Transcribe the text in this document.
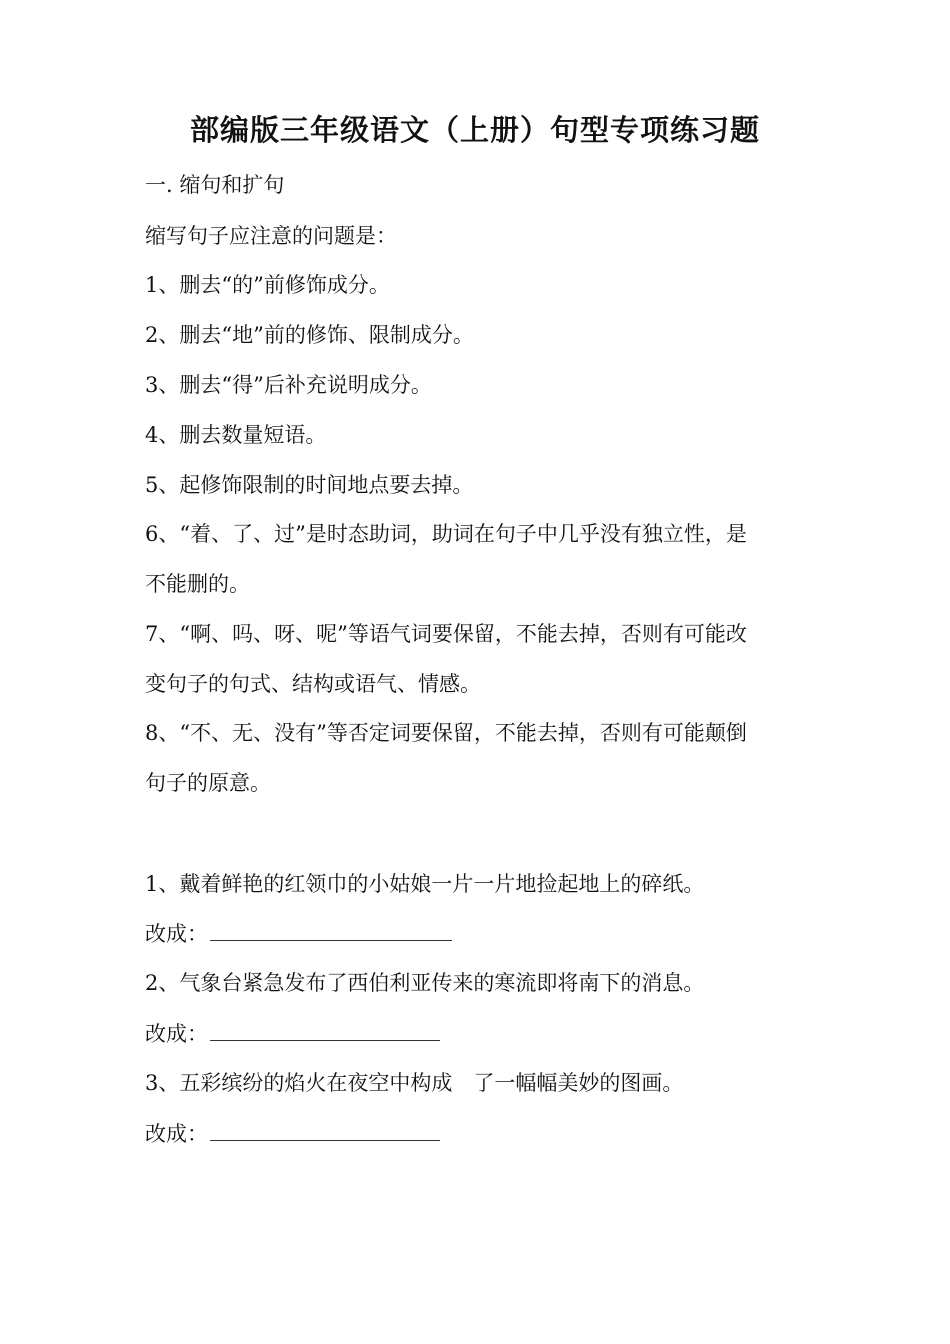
部编版三年级语文（上册）句型专项练习题
一. 缩句和扩句
缩写句子应注意的问题是：
1、删去“的”前修饰成分。
2、删去“地”前的修饰、限制成分。
3、删去“得”后补充说明成分。
4、删去数量短语。
5、起修饰限制的时间地点要去掉。
6、“着、了、过”是时态助词，助词在句子中几乎没有独立性，是
不能删的。
7、“啊、吗、呀、呢”等语气词要保留，不能去掉，否则有可能改
变句子的句式、结构或语气、情感。
8、“不、无、没有”等否定词要保留，不能去掉，否则有可能颠倒
句子的原意。
1、戴着鲜艳的红领巾的小姑娘一片一片地捡起地上的碎纸。
改成：
2、气象台紧急发布了西伯利亚传来的寒流即将南下的消息。
改成：
3、五彩缤纷的焰火在夜空中构成　了一幅幅美妙的图画。
改成：
